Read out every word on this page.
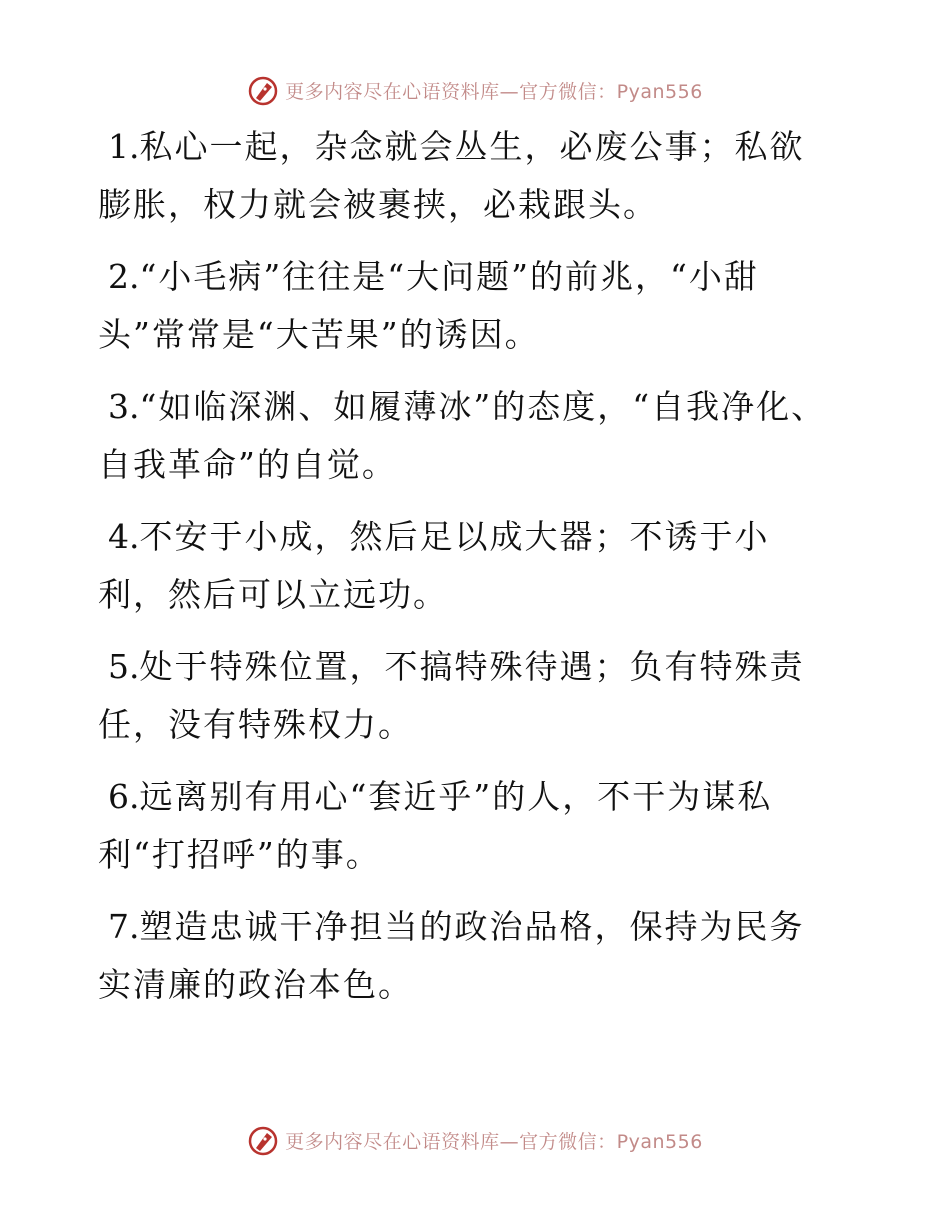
更多内容尽在心语资料库—官方微信：Pyan556

1.私心一起，杂念就会丛生，必废公事；私欲膨胀，权力就会被裹挟，必栽跟头。

2.“小毛病”往往是“大问题”的前兆，“小甜头”常常是“大苦果”的诱因。

3.“如临深渊、如履薄冰”的态度，“自我净化、自我革命”的自觉。

4.不安于小成，然后足以成大器；不诱于小利，然后可以立远功。

5.处于特殊位置，不搞特殊待遇；负有特殊责任，没有特殊权力。

6.远离别有用心“套近乎”的人，不干为谋私利“打招呼”的事。

7.塑造忠诚干净担当的政治品格，保持为民务实清廉的政治本色。

更多内容尽在心语资料库—官方微信：Pyan556
